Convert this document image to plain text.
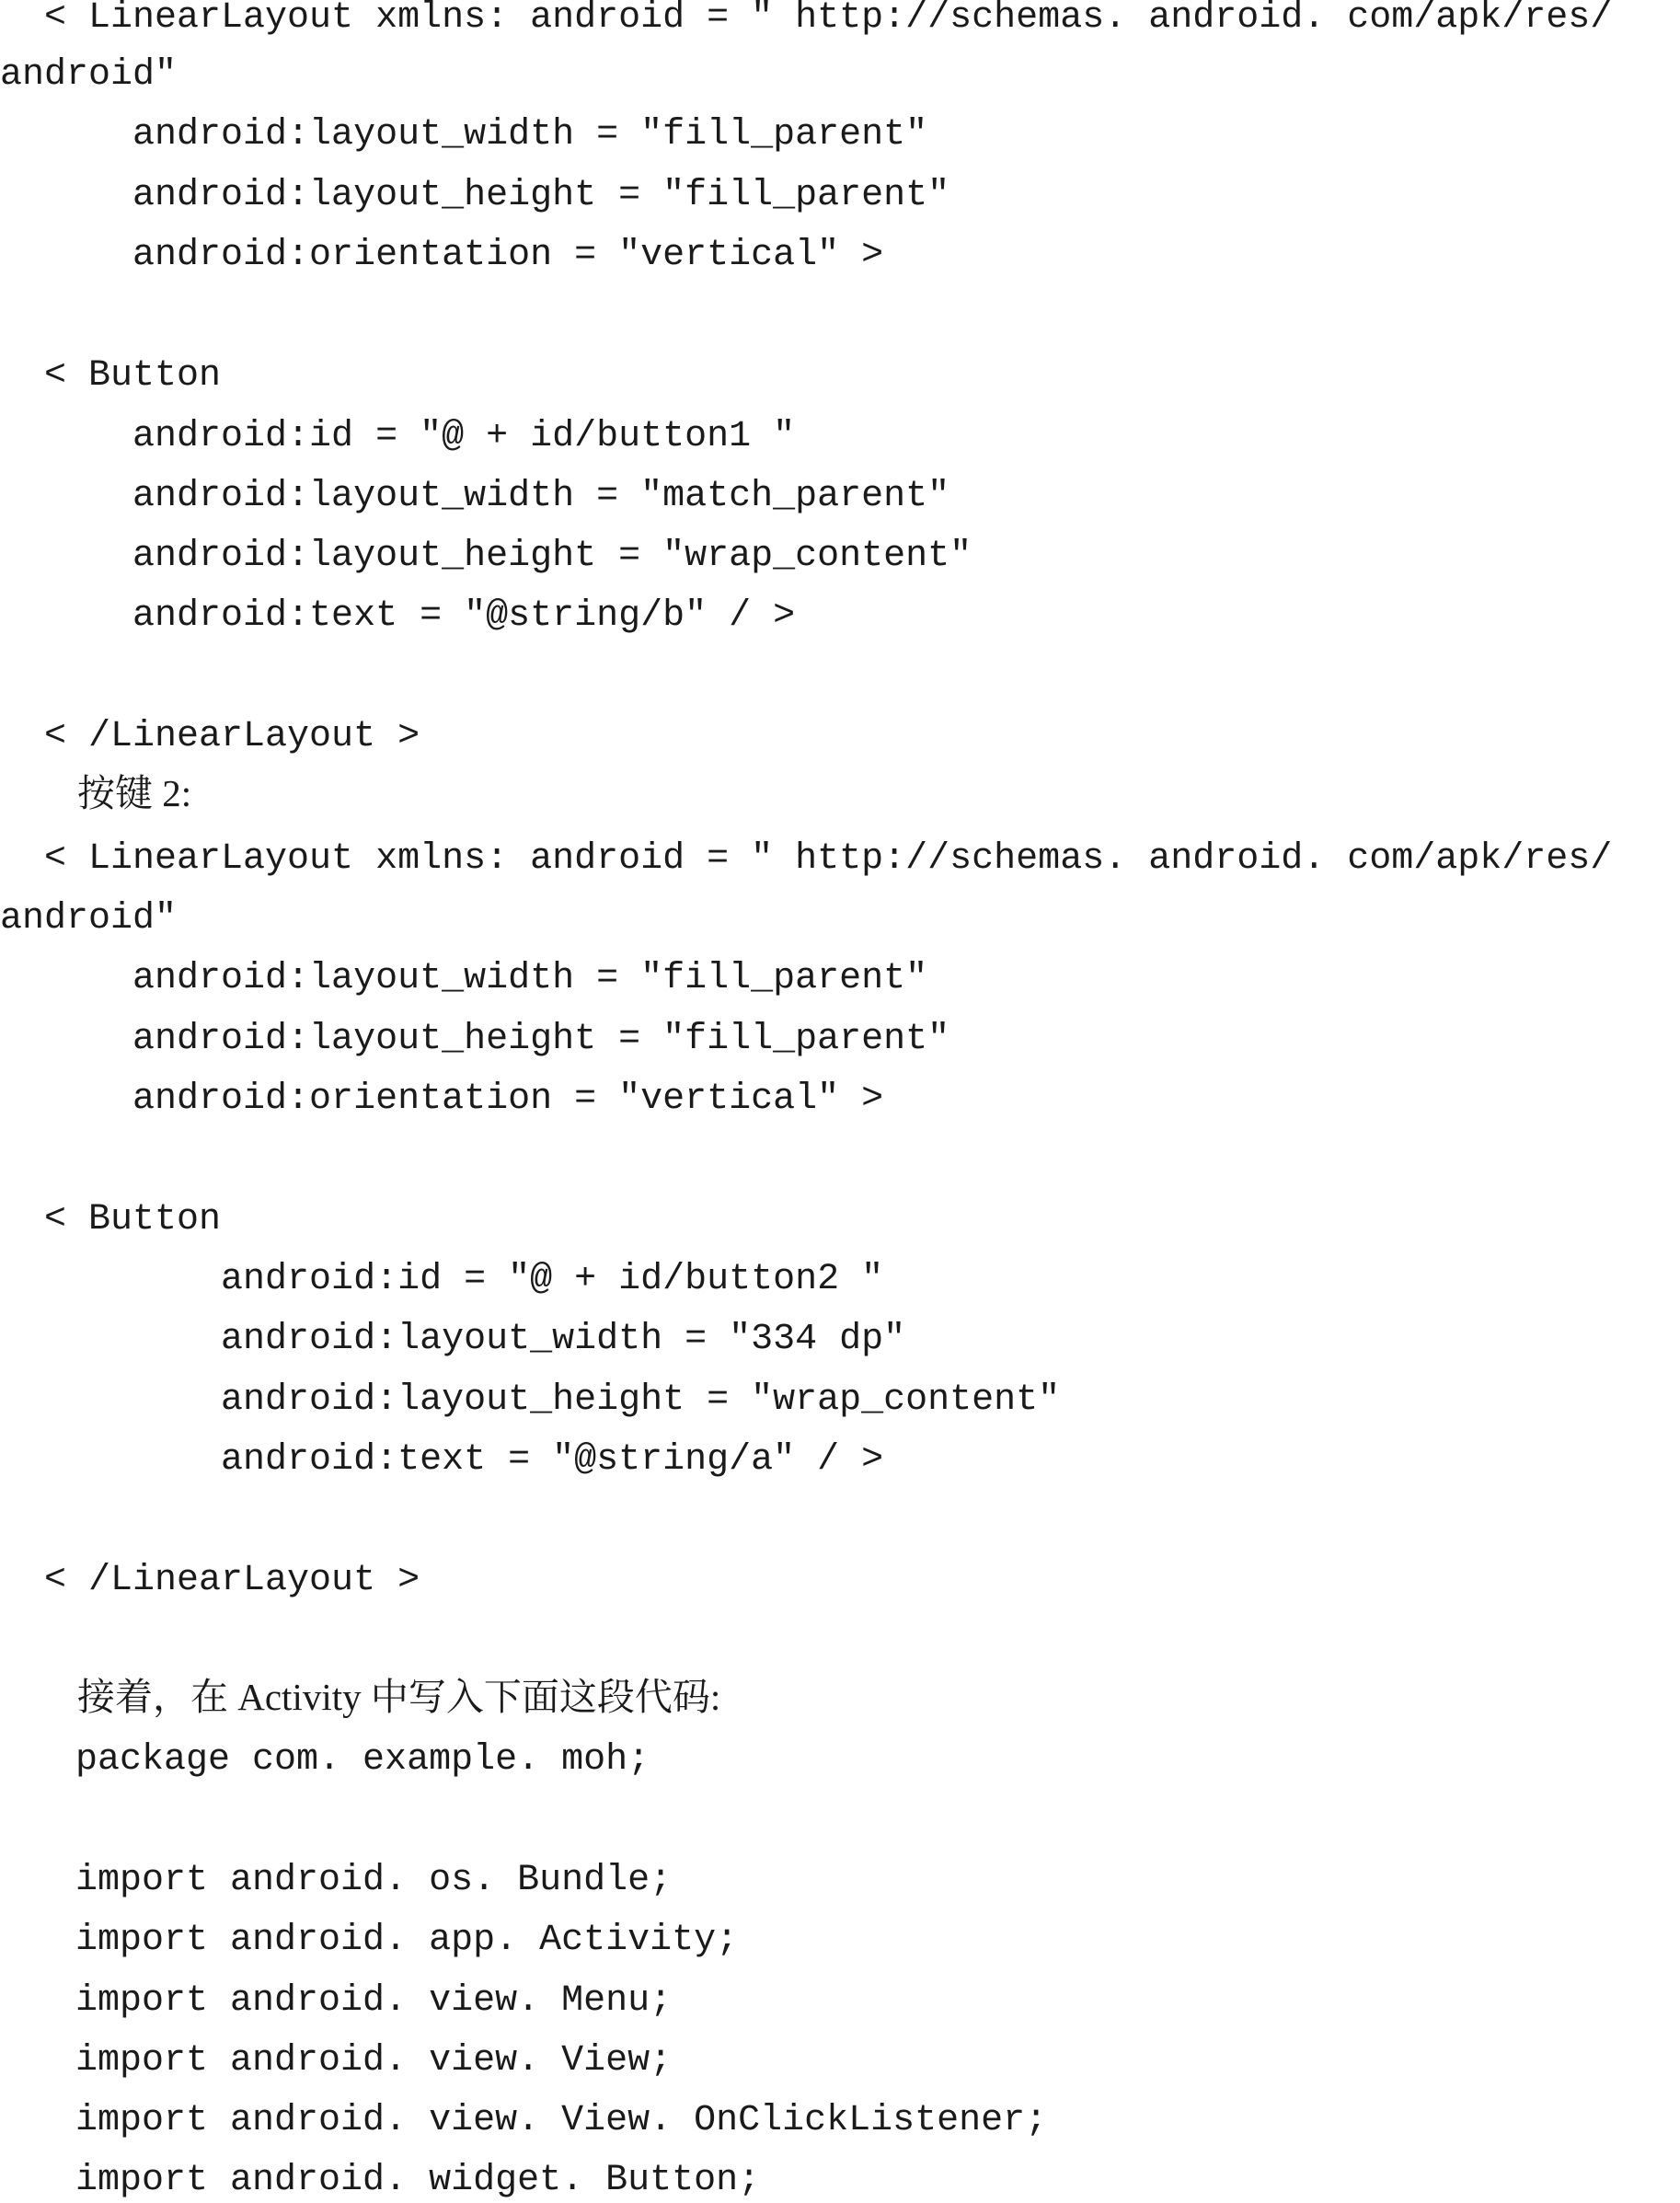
< LinearLayout xmlns: android = " http://schemas. android. com/apk/res/
android"
android:layout_width = "fill_parent"
android:layout_height = "fill_parent"
android:orientation = "vertical" >
< Button
android:id = "@ + id/button1 "
android:layout_width = "match_parent"
android:layout_height = "wrap_content"
android:text = "@string/b" / >
< /LinearLayout >
按键 2:
< LinearLayout xmlns: android = " http://schemas. android. com/apk/res/
android"
android:layout_width = "fill_parent"
android:layout_height = "fill_parent"
android:orientation = "vertical" >
< Button
android:id = "@ + id/button2 "
android:layout_width = "334 dp"
android:layout_height = "wrap_content"
android:text = "@string/a" / >
< /LinearLayout >
接着，在 Activity 中写入下面这段代码:
package com. example. moh;
import android. os. Bundle;
import android. app. Activity;
import android. view. Menu;
import android. view. View;
import android. view. View. OnClickListener;
import android. widget. Button;
